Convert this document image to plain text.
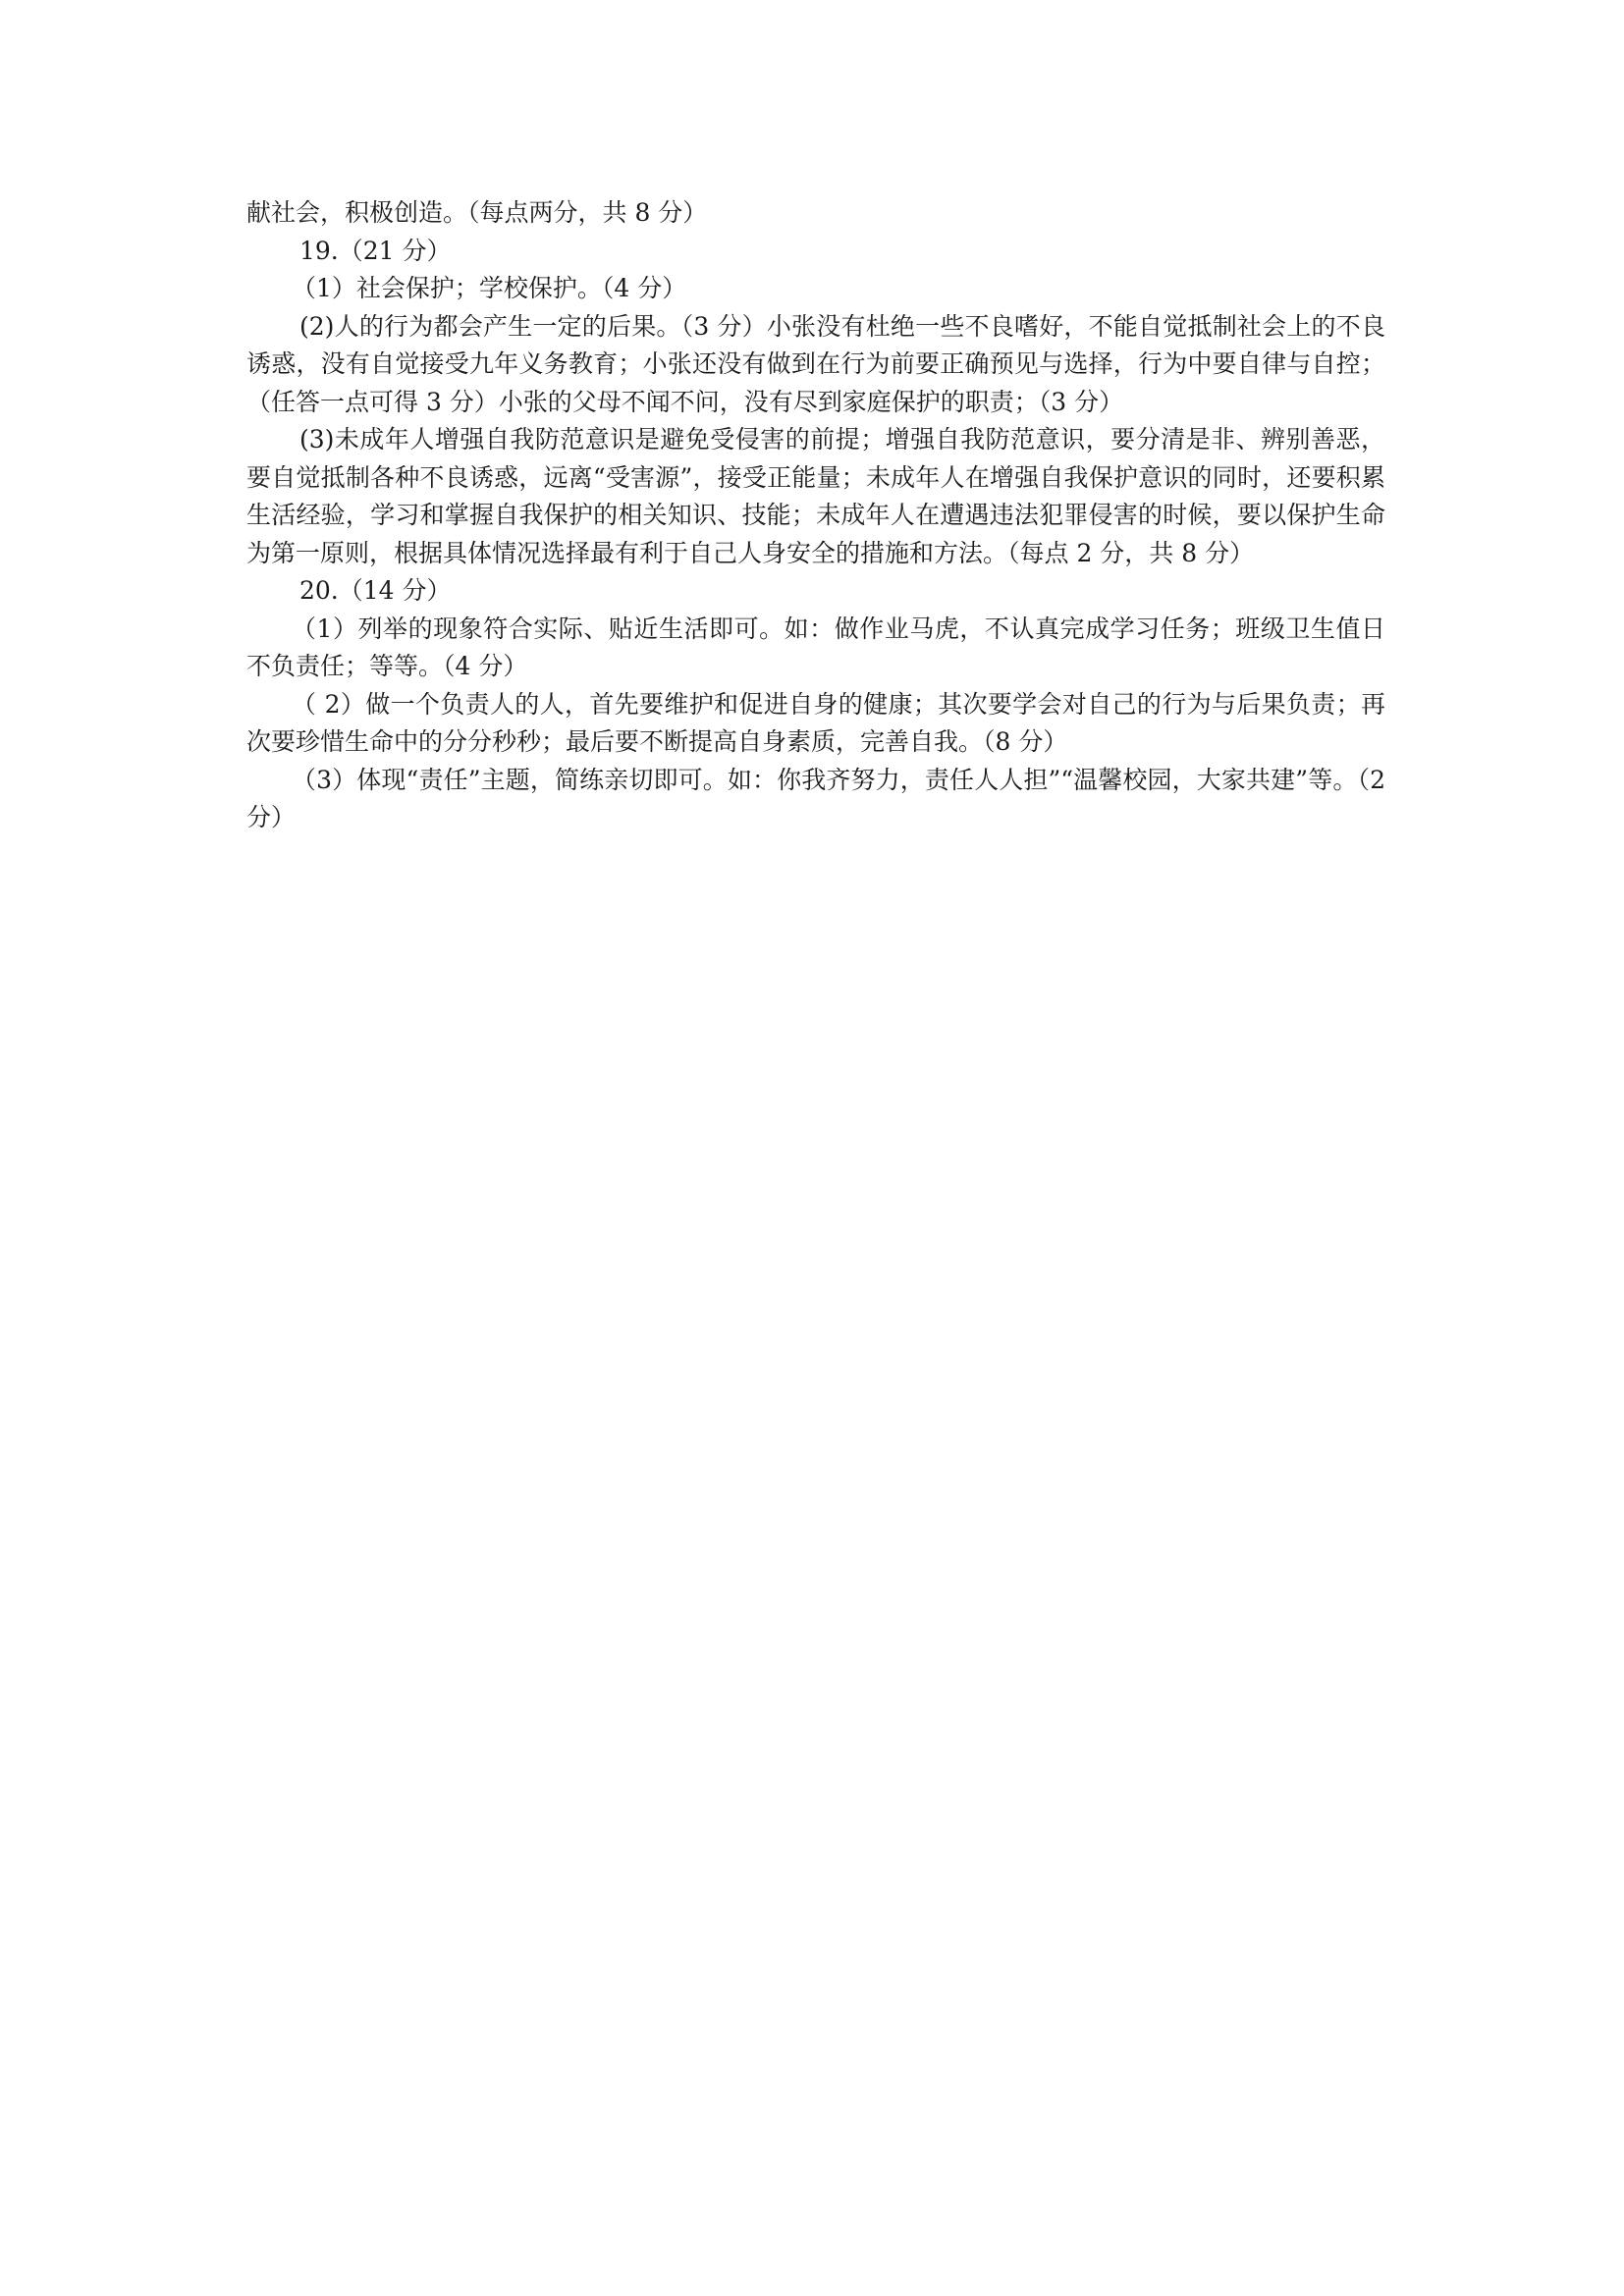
献社会，积极创造。（每点两分，共 8 分）

19.（21 分）

（1）社会保护；学校保护。（4 分）

(2)人的行为都会产生一定的后果。（3 分）小张没有杜绝一些不良嗜好，不能自觉抵制社会上的不良诱惑，没有自觉接受九年义务教育；小张还没有做到在行为前要正确预见与选择，行为中要自律与自控；（任答一点可得 3 分）小张的父母不闻不问，没有尽到家庭保护的职责；（3 分）

(3)未成年人增强自我防范意识是避免受侵害的前提；增强自我防范意识，要分清是非、辨别善恶，要自觉抵制各种不良诱惑，远离“受害源”，接受正能量；未成年人在增强自我保护意识的同时，还要积累生活经验，学习和掌握自我保护的相关知识、技能；未成年人在遭遇违法犯罪侵害的时候，要以保护生命为第一原则，根据具体情况选择最有利于自己人身安全的措施和方法。（每点 2 分，共 8 分）

20.（14 分）

（1）列举的现象符合实际、贴近生活即可。如：做作业马虎，不认真完成学习任务；班级卫生值日不负责任；等等。（4 分）

（ 2）做一个负责人的人，首先要维护和促进自身的健康；其次要学会对自己的行为与后果负责；再次要珍惜生命中的分分秒秒；最后要不断提高自身素质，完善自我。（8 分）

（3）体现“责任”主题，简练亲切即可。如：你我齐努力，责任人人担”“温馨校园，大家共建”等。（2 分）
